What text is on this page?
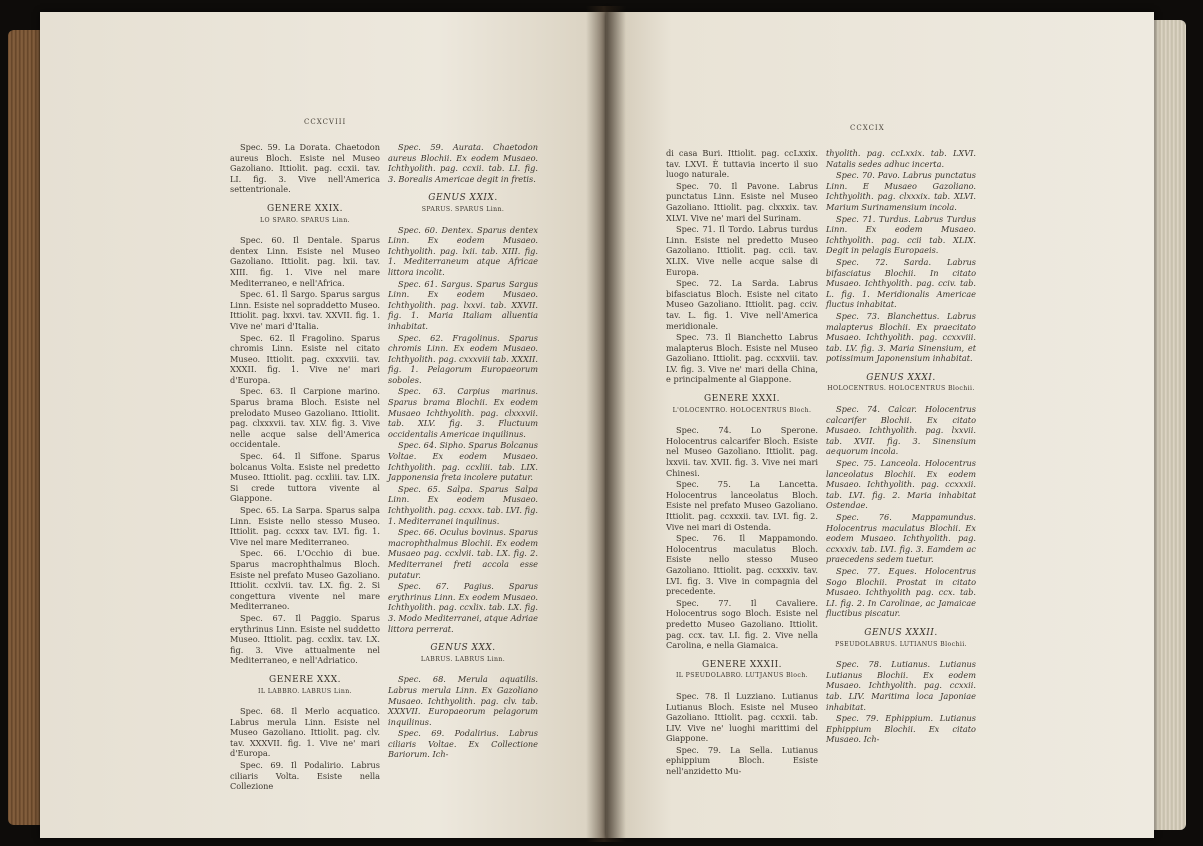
CCXCVIII

Spec. 59. La Dorata. Chaetodon aureus Bloch. Esiste nel Museo Gazoliano. Ittiolit. pag. ccxii. tav. LI. fig. 3. Vive nell'America settentrionale.

GENERE XXIX.
LO SPARO. SPARUS Linn.

Spec. 60. Il Dentale. Sparus dentex Linn. Esiste nel Museo Gazoliano. Ittiolit. pag. lxii. tav. XIII. fig. 1. Vive nel mare Mediterraneo, e nell'Africa.

Spec. 61. Il Sargo. Sparus sargus Linn. Esiste nel sopraddetto Museo. Ittiolit. pag. lxxvi. tav. XXVII. fig. 1. Vive ne' mari d'Italia.

Spec. 62. Il Fragolino. Sparus chromis Linn. Esiste nel citato Museo. Ittiolit. pag. cxxxviii. tav. XXXII. fig. 1. Vive ne' mari d'Europa.

Spec. 63. Il Carpione marino. Sparus brama Bloch. Esiste nel prelodato Museo Gazoliano. Ittiolit. pag. clxxxvii. tav. XLV. fig. 3. Vive nelle acque salse dell'America occidentale.

Spec. 64. Il Siffone. Sparus bolcanus Volta. Esiste nel predetto Museo. Ittiolit. pag. ccxliii. tav. LIX. Si crede tuttora vivente al Giappone.

Spec. 65. La Sarpa. Sparus salpa Linn. Esiste nello stesso Museo. Ittiolit. pag. ccxxx tav. LVI. fig. 1. Vive nel mare Mediterraneo.

Spec. 66. L'Occhio di bue. Sparus macrophthalmus Bloch. Esiste nel prefato Museo Gazoliano. Ittiolit. ccxlvii. tav. LX. fig. 2. Si congettura vivente nel mare Mediterraneo.

Spec. 67. Il Paggio. Sparus erythrinus Linn. Esiste nel suddetto Museo. Ittiolit. pag. ccxlix. tav. LX. fig. 3. Vive attualmente nel Mediterraneo, e nell'Adriatico.

GENERE XXX.
IL LABBRO. LABRUS Linn.

Spec. 68. Il Merlo acquatico. Labrus merula Linn. Esiste nel Museo Gazoliano. Ittiolit. pag. clv. tav. XXXVII. fig. 1. Vive ne' mari d'Europa.

Spec. 69. Il Podalirio. Labrus ciliaris Volta. Esiste nella Collezione

Spec. 59. Aurata. Chaetodon aureus Blochii. Ex eodem Musaeo. Ichthyolith. pag. ccxii. tab. LI. fig. 3. Borealis Americae degit in fretis.

GENUS XXIX.
SPARUS. SPARUS Linn.

Spec. 60. Dentex. Sparus dentex Linn. Ex eodem Musaeo. Ichthyolith. pag. lxii. tab. XIII. fig. 1. Mediterraneum atque Africae littora incolit.

Spec. 61. Sargus. Sparus Sargus Linn. Ex eodem Musaeo. Ichthyolith. pag. lxxvi. tab. XXVII. fig. 1. Maria Italiam alluentia inhabitat.

Spec. 62. Fragolinus. Sparus chromis Linn. Ex eodem Musaeo. Ichthyolith. pag. cxxxviii tab. XXXII. fig. 1. Pelagorum Europaeorum soboles.

Spec. 63. Carpius marinus. Sparus brama Blochii. Ex eodem Musaeo Ichthyolith. pag. clxxxvii. tab. XLV. fig. 3. Fluctuum occidentalis Americae inquilinus.

Spec. 64. Sipho. Sparus Bolcanus Voltae. Ex eodem Musaeo. Ichthyolith. pag. ccxliii. tab. LIX. Japponensia freta incolere putatur.

Spec. 65. Salpa. Sparus Salpa Linn. Ex eodem Musaeo. Ichthyolith. pag. ccxxx. tab. LVI. fig. 1. Mediterranei inquilinus.

Spec. 66. Oculus bovinus. Sparus macrophthalmus Blochii. Ex eodem Musaeo pag. ccxlvii. tab. LX. fig. 2. Mediterranei freti accola esse putatur.

Spec. 67. Pagius. Sparus erythrinus Linn. Ex eodem Musaeo. Ichthyolith. pag. ccxlix. tab. LX. fig. 3. Modo Mediterranei, atque Adriae littora perrerat.

GENUS XXX.
LABRUS. LABRUS Linn.

Spec. 68. Merula aquatilis. Labrus merula Linn. Ex Gazoliano Musaeo. Ichthyolith. pag. clv. tab. XXXVII. Europaeorum pelagorum inquilinus.

Spec. 69. Podalirius. Labrus ciliaris Voltae. Ex Collectione Bariorum. Ich-

CCXCIX

di casa Buri. Ittiolit. pag. ccLxxix. tav. LXVI. È tuttavia incerto il suo luogo naturale.

Spec. 70. Il Pavone. Labrus punctatus Linn. Esiste nel Museo Gazoliano. Ittiolit. pag. clxxxix. tav. XLVI. Vive ne' mari del Surinam.

Spec. 71. Il Tordo. Labrus turdus Linn. Esiste nel predetto Museo Gazoliano. Ittiolit. pag. ccii. tav. XLIX. Vive nelle acque salse di Europa.

Spec. 72. La Sarda. Labrus bifasciatus Bloch. Esiste nel citato Museo Gazoliano. Ittiolit. pag. cciv. tav. L. fig. 1. Vive nell'America meridionale.

Spec. 73. Il Bianchetto Labrus malapterus Bloch. Esiste nel Museo Gazoliano. Ittiolit. pag. ccxxviii. tav. LV. fig. 3. Vive ne' mari della China, e principalmente al Giappone.

GENERE XXXI.
L'OLOCENTRO. HOLOCENTRUS Bloch.

Spec. 74. Lo Sperone. Holocentrus calcarifer Bloch. Esiste nel Museo Gazoliano. Ittiolit. pag. lxxvii. tav. XVII. fig. 3. Vive nei mari Chinesi.

Spec. 75. La Lancetta. Holocentrus lanceolatus Bloch. Esiste nel prefato Museo Gazoliano. Ittiolit. pag. ccxxxii. tav. LVI. fig. 2. Vive nei mari di Ostenda.

Spec. 76. Il Mappamondo. Holocentrus maculatus Bloch. Esiste nello stesso Museo Gazoliano. Ittiolit. pag. ccxxxiv. tav. LVI. fig. 3. Vive in compagnia del precedente.

Spec. 77. Il Cavaliere. Holocentrus sogo Bloch. Esiste nel predetto Museo Gazoliano. Ittiolit. pag. ccx. tav. LI. fig. 2. Vive nella Carolina, e nella Giamaica.

GENERE XXXII.
IL PSEUDOLABRO. LUTJANUS Bloch.

Spec. 78. Il Luzziano. Lutianus Lutianus Bloch. Esiste nel Museo Gazoliano. Ittiolit. pag. ccxxii. tab. LIV. Vive ne' luoghi marittimi del Giappone.

Spec. 79. La Sella. Lutianus ephippium Bloch. Esiste nell'anzidetto Mu-

thyolith. pag. ccLxxix. tab. LXVI. Natalis sedes adhuc incerta.

Spec. 70. Pavo. Labrus punctatus Linn. E Musaeo Gazoliano. Ichthyolith. pag. clxxxix. tab. XLVI. Marium Surinamensium incola.

Spec. 71. Turdus. Labrus Turdus Linn. Ex eodem Musaeo. Ichthyolith. pag. ccii tab. XLIX. Degit in pelagis Europaeis.

Spec. 72. Sarda. Labrus bifasciatus Blochii. In citato Musaeo. Ichthyolith. pag. cciv. tab. L. fig. 1. Meridionalis Americae fluctus inhabitat.

Spec. 73. Blanchettus. Labrus malapterus Blochii. Ex praecitato Musaeo. Ichthyolith. pag. ccxxviii. tab. LV. fig. 3. Maria Sinensium, et potissimum Japonensium inhabitat.

GENUS XXXI.
HOLOCENTRUS. HOLOCENTRUS Blochii.

Spec. 74. Calcar. Holocentrus calcarifer Blochii. Ex citato Musaeo. Ichthyolith. pag. lxxvii. tab. XVII. fig. 3. Sinensium aequorum incola.

Spec. 75. Lanceola. Holocentrus lanceolatus Blochii. Ex eodem Musaeo. Ichthyolith. pag. ccxxxii. tab. LVI. fig. 2. Maria inhabitat Ostendae.

Spec. 76. Mappamundus. Holocentrus maculatus Blochii. Ex eodem Musaeo. Ichthyolith. pag. ccxxxiv. tab. LVI. fig. 3. Eamdem ac praecedens sedem tuetur.

Spec. 77. Eques. Holocentrus Sogo Blochii. Prostat in citato Musaeo. Ichthyolith pag. ccx. tab. LI. fig. 2. In Carolinae, ac Jamaicae fluctibus piscatur.

GENUS XXXII.
PSEUDOLABRUS. LUTIANUS Blochii.

Spec. 78. Lutianus. Lutianus Lutianus Blochii. Ex eodem Musaeo. Ichthyolith. pag. ccxxii. tab. LIV. Maritima loca Japoniae inhabitat.

Spec. 79. Ephippium. Lutianus Ephippium Blochii. Ex citato Musaeo. Ich-
